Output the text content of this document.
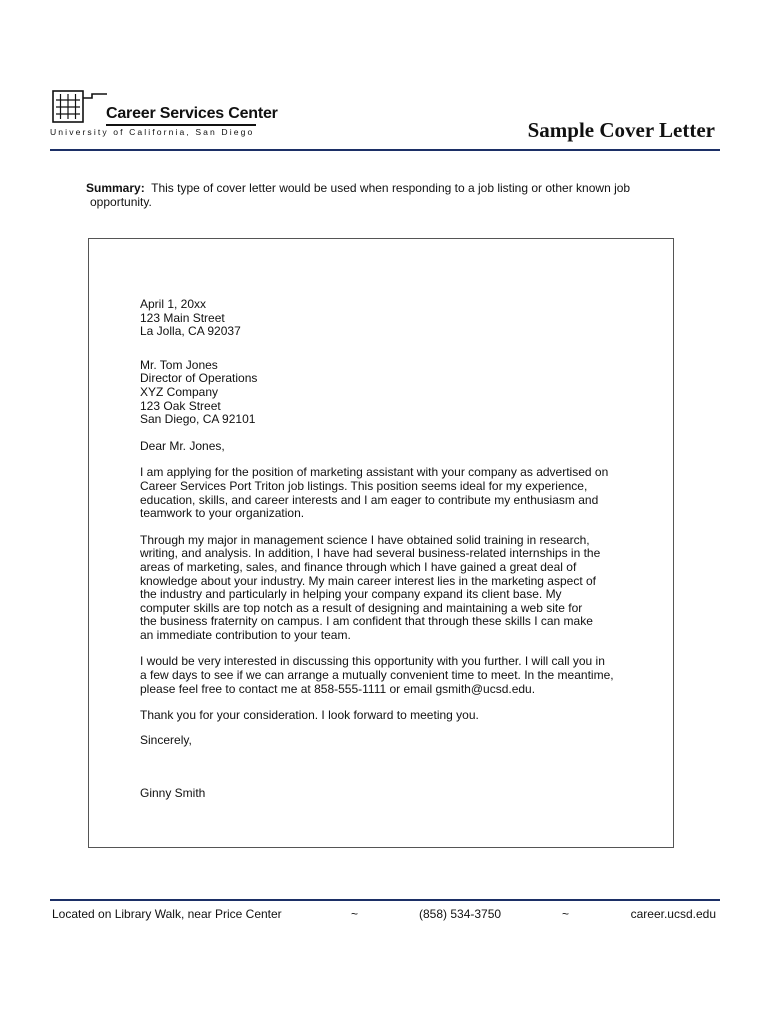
Career Services Center
University of California, San Diego	Sample Cover Letter
Summary: This type of cover letter would be used when responding to a job listing or other known job
opportunity.

April 1, 20xx

123 Main Street

La Jolla, CA 92037

Mr. Tom Jones

Director of Operations

XYZ Company

123 Oak Street

San Diego, CA 92101

Dear Mr. Jones,

I am applying for the position of marketing assistant with your company as advertised on

Career Services Port Triton job listings. This position seems ideal for my experience,

education, skills, and career interests and I am eager to contribute my enthusiasm and

teamwork to your organization.

Through my major in management science I have obtained solid training in research,

writing, and analysis. In addition, I have had several business-related internships in the

areas of marketing, sales, and finance through which I have gained a great deal of

knowledge about your industry. My main career interest lies in the marketing aspect of

the industry and particularly in helping your company expand its client base. My

computer skills are top notch as a result of designing and maintaining a web site for

the business fraternity on campus. I am confident that through these skills I can make

an immediate contribution to your team.

I would be very interested in discussing this opportunity with you further. I will call you in

a few days to see if we can arrange a mutually convenient time to meet. In the meantime,

please feel free to contact me at 858-555-1111 or email gsmith@ucsd.edu.

Thank you for your consideration. I look forward to meeting you.

Sincerely,

Ginny Smith

Located on Library Walk, near Price Center	~	(858) 534-3750	~	career.ucsd.edu
